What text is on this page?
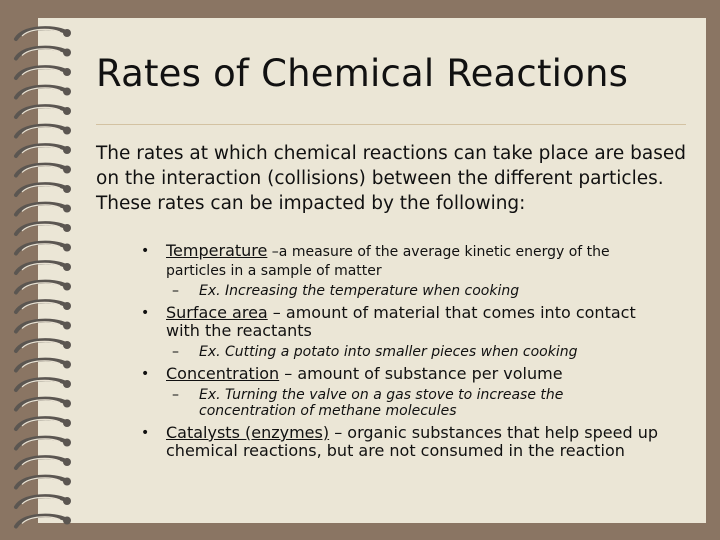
Rates of Chemical Reactions
The rates at which chemical reactions can take place are based on the interaction (collisions) between the different particles. These rates can be impacted by the following:
• Temperature –a measure of the average kinetic energy of the particles in a sample of matter
– Ex. Increasing the temperature when cooking
• Surface area – amount of material that comes into contact with the reactants
– Ex. Cutting a potato into smaller pieces when cooking
• Concentration – amount of substance per volume
– Ex. Turning the valve on a gas stove to increase the concentration of methane molecules
• Catalysts (enzymes) – organic substances that help speed up chemical reactions, but are not consumed in the reaction
